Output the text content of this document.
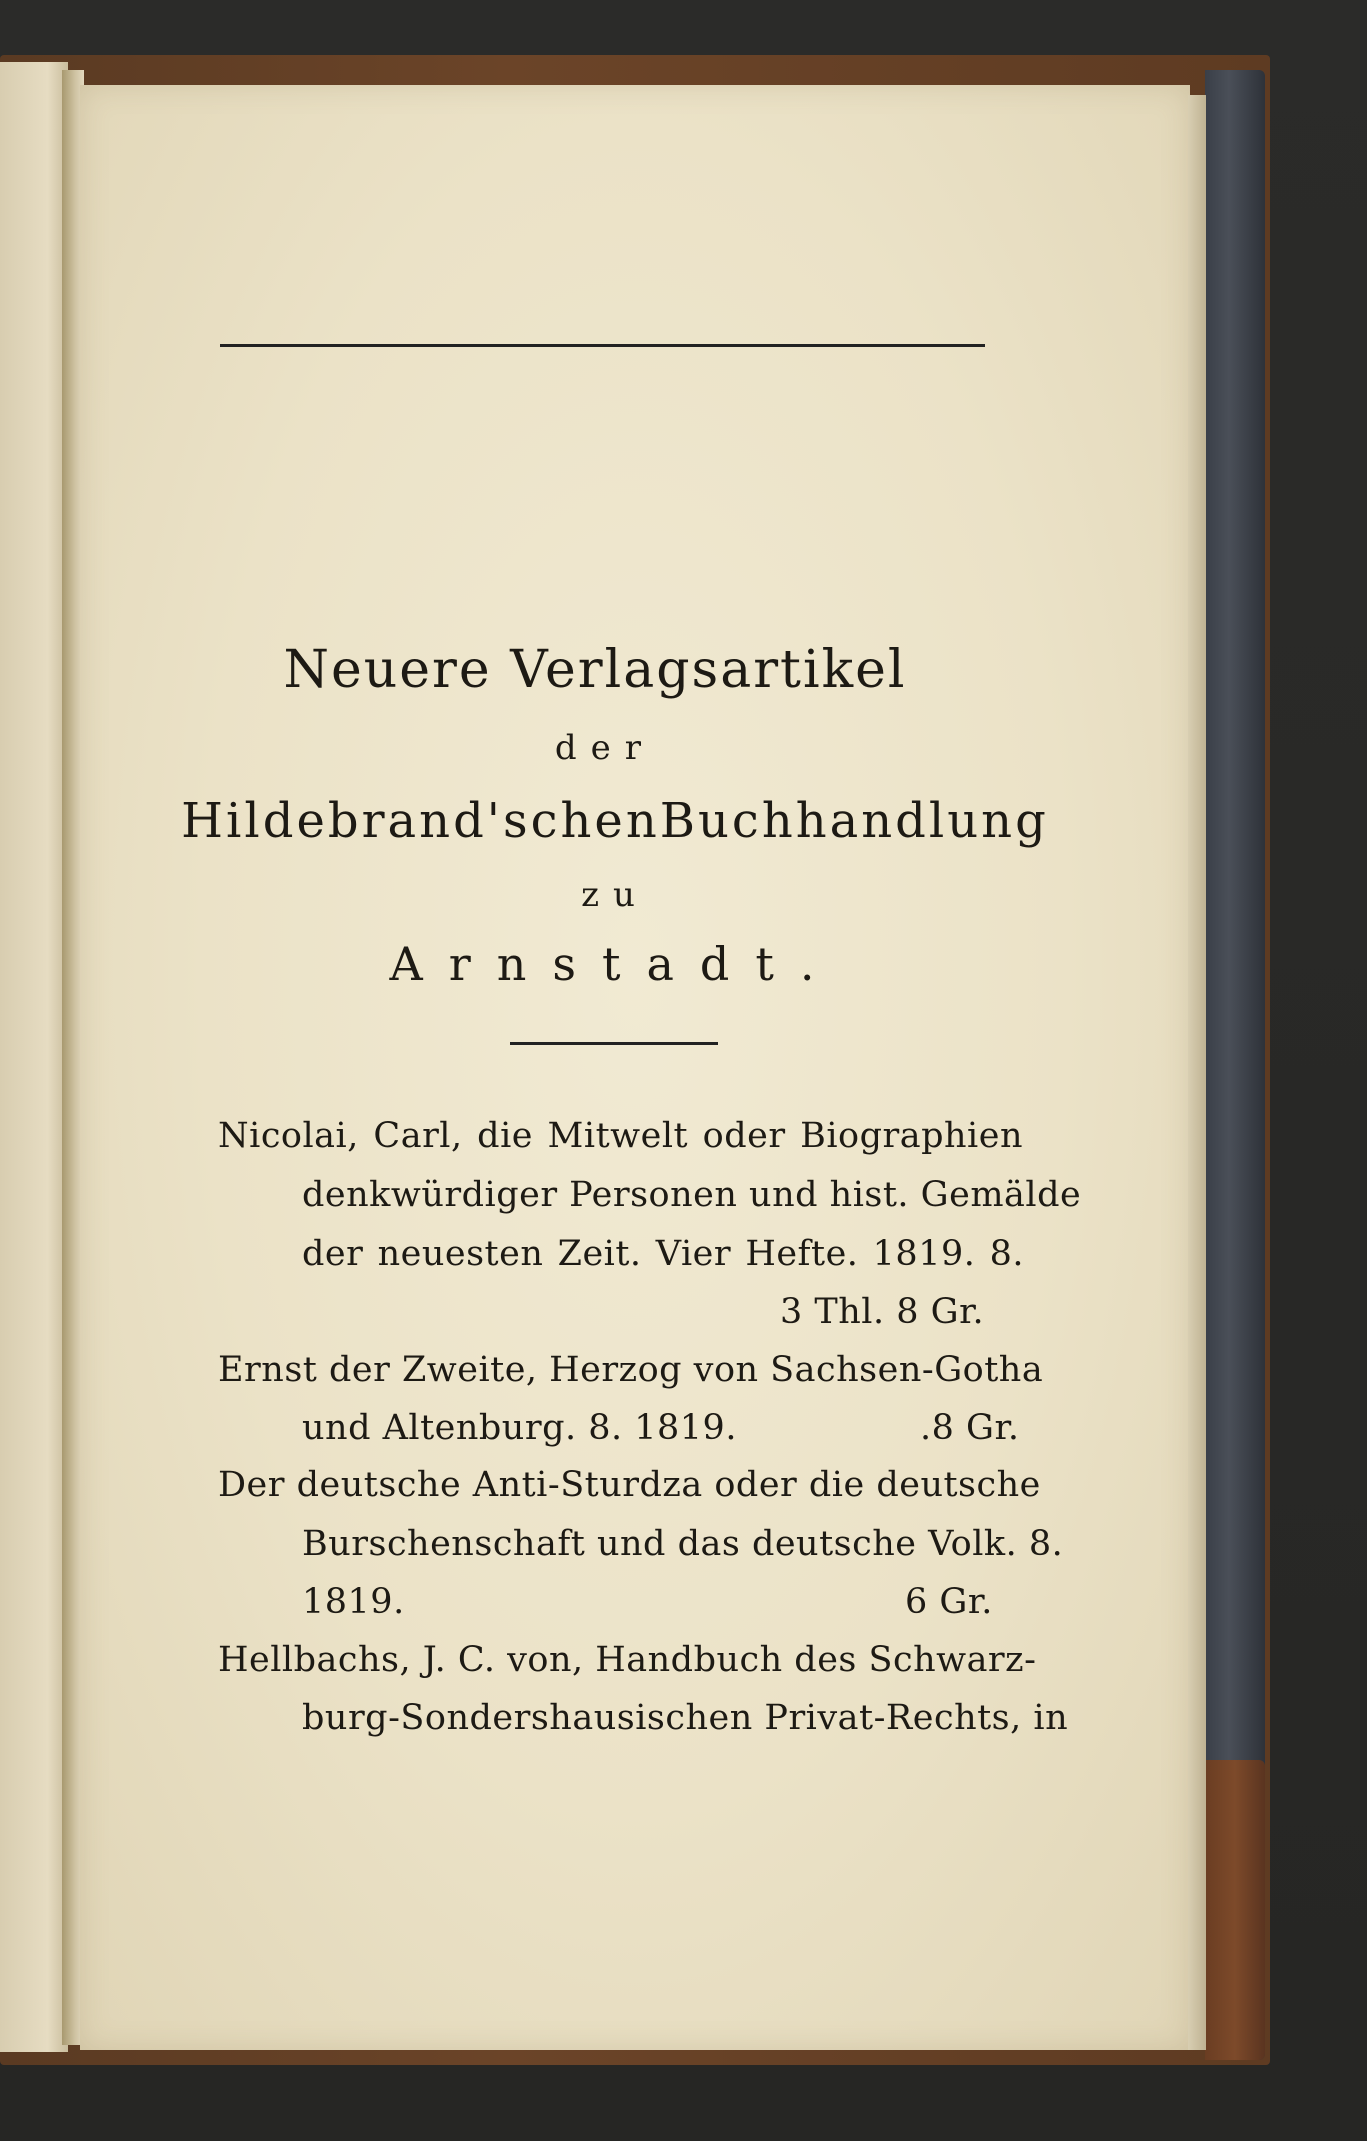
Neuere Verlagsartikel
der
Hildebrand'schenBuchhandlung
zu
Arnstadt.
Nicolai, Carl, die Mitwelt oder Biographien
denkwürdiger Personen und hist. Gemälde
der neuesten Zeit. Vier Hefte. 1819. 8.
3 Thl. 8 Gr.
Ernst der Zweite, Herzog von Sachsen-Gotha
und Altenburg. 8. 1819.	.8 Gr.
Der deutsche Anti-Sturdza oder die deutsche
Burschenschaft und das deutsche Volk. 8.
1819.	6 Gr.
Hellbachs, J. C. von, Handbuch des Schwarz-
burg-Sondershausischen Privat-Rechts, in
